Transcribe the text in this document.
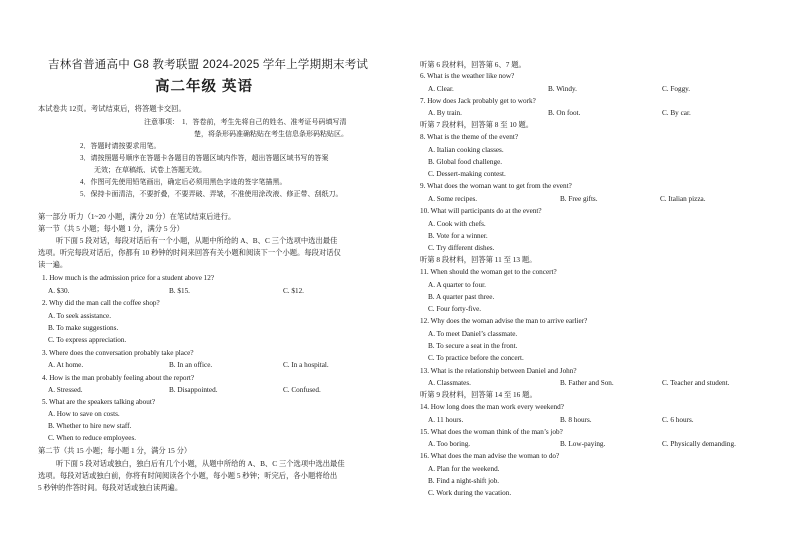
吉林省普通高中 G8 教考联盟 2024-2025 学年上学期期末考试
高二年级 英语
本试卷共 12页。考试结束后，将答题卡交回。
注意事项： 1．答卷前，考生先将自己的姓名、准考证号码填写清
楚，将条形码准确粘贴在考生信息条形码粘贴区。
2．答题时请按要求用笔。
3．请按照题号顺序在答题卡各题目的答题区域内作答，超出答题区域书写的答案
无效；在草稿纸、试卷上答题无效。
4．作图可先使用铅笔画出，确定后必须用黑色字迹的签字笔描黑。
5．保持卡面清洁，不要折叠，不要弄破、弄皱，不准使用涂改液、修正带、刮纸刀。
第一部分 听力（1~20 小题，满分 20 分）在笔试结束后进行。
第一节（共 5 小题；每小题 1 分，满分 5 分）
听下面 5 段对话，每段对话后有一个小题，从题中所给的 A、B、C 三个选项中选出最佳
选项。听完每段对话后，你都有 10 秒钟的时间来回答有关小题和阅读下一个小题。每段对话仅
读一遍。
1. How much is the admission price for a student above 12?
A. $30.	B. $15.	C. $12.
2. Why did the man call the coffee shop?
A. To seek assistance.
B. To make suggestions.
C. To express appreciation.
3. Where does the conversation probably take place?
A. At home.	B. In an office.	C. In a hospital.
4. How is the man probably feeling about the report?
A. Stressed.	B. Disappointed.	C. Confused.
5. What are the speakers talking about?
A. How to save on costs.
B. Whether to hire new staff.
C. When to reduce employees.
第二节（共 15 小题；每小题 1 分，满分 15 分）
听下面 5 段对话或独白，独白后有几个小题，从题中所给的 A、B、C 三个选项中选出最佳
选项。每段对话或独白前，你将有时间阅读各个小题，每小题 5 秒钟；听完后，各小题将给出
5 秒钟的作答时间。每段对话或独白读两遍。
听第 6 段材料，回答第 6、7 题。
6. What is the weather like now?
A. Clear.	B. Windy.	C. Foggy.
7. How does Jack probably get to work?
A. By train.	B. On foot.	C. By car.
听第 7 段材料，回答第 8 至 10 题。
8. What is the theme of the event?
A. Italian cooking classes.
B. Global food challenge.
C. Dessert-making contest.
9. What does the woman want to get from the event?
A. Some recipes.	B. Free gifts.	C. Italian pizza.
10. What will participants do at the event?
A. Cook with chefs.
B. Vote for a winner.
C. Try different dishes.
听第 8 段材料，回答第 11 至 13 题。
11. When should the woman get to the concert?
A. A quarter to four.
B. A quarter past three.
C. Four forty-five.
12. Why does the woman advise the man to arrive earlier?
A. To meet Daniel’s classmate.
B. To secure a seat in the front.
C. To practice before the concert.
13. What is the relationship between Daniel and John?
A. Classmates.	B. Father and Son.	C. Teacher and student.
听第 9 段材料，回答第 14 至 16 题。
14. How long does the man work every weekend?
A. 11 hours.	B. 8 hours.	C. 6 hours.
15. What does the woman think of the man’s job?
A. Too boring.	B. Low-paying.	C. Physically demanding.
16. What does the man advise the woman to do?
A. Plan for the weekend.
B. Find a night-shift job.
C. Work during the vacation.
